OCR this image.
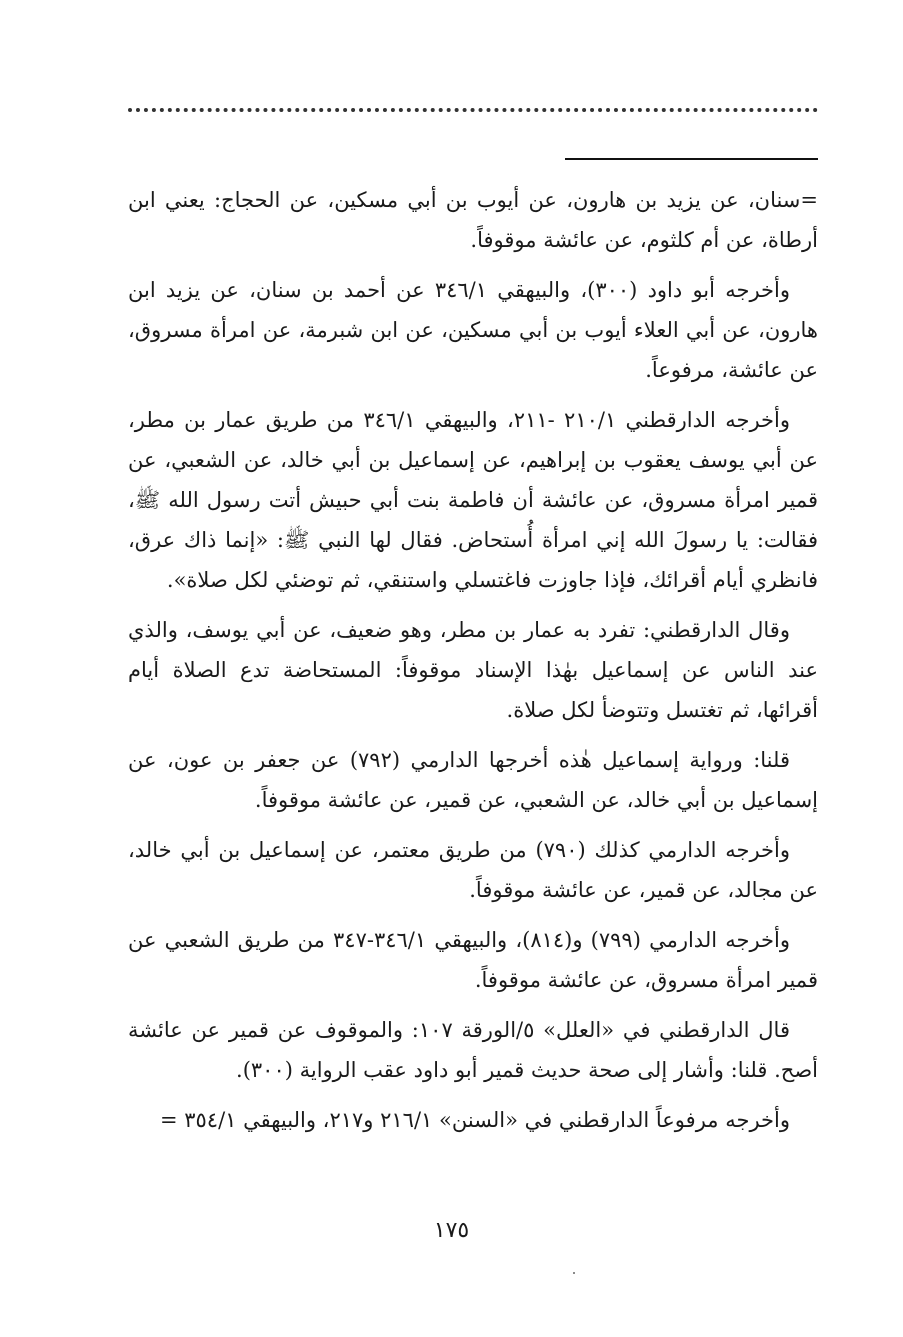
=سنان، عن يزيد بن هارون، عن أيوب بن أبي مسكين، عن الحجاج: يعني ابن أرطاة، عن أم كلثوم، عن عائشة موقوفاً.

وأخرجه أبو داود (٣٠٠)، والبيهقي ٣٤٦/١ عن أحمد بن سنان، عن يزيد ابن هارون، عن أبي العلاء أيوب بن أبي مسكين، عن ابن شبرمة، عن امرأة مسروق، عن عائشة، مرفوعاً.

وأخرجه الدارقطني ٢١٠/١ -٢١١، والبيهقي ٣٤٦/١ من طريق عمار بن مطر، عن أبي يوسف يعقوب بن إبراهيم، عن إسماعيل بن أبي خالد، عن الشعبي، عن قمير امرأة مسروق، عن عائشة أن فاطمة بنت أبي حبيش أتت رسول الله ﷺ، فقالت: يا رسولَ الله إني امرأة أُستحاض. فقال لها النبي ﷺ: «إنما ذاك عرق، فانظري أيام أقرائك، فإذا جاوزت فاغتسلي واستنقي، ثم توضئي لكل صلاة».

وقال الدارقطني: تفرد به عمار بن مطر، وهو ضعيف، عن أبي يوسف، والذي عند الناس عن إسماعيل بهٰذا الإسناد موقوفاً: المستحاضة تدع الصلاة أيام أقرائها، ثم تغتسل وتتوضأ لكل صلاة.

قلنا: ورواية إسماعيل هٰذه أخرجها الدارمي (٧٩٢) عن جعفر بن عون، عن إسماعيل بن أبي خالد، عن الشعبي، عن قمير، عن عائشة موقوفاً.

وأخرجه الدارمي كذلك (٧٩٠) من طريق معتمر، عن إسماعيل بن أبي خالد، عن مجالد، عن قمير، عن عائشة موقوفاً.

وأخرجه الدارمي (٧٩٩) و(٨١٤)، والبيهقي ٣٤٦/١-٣٤٧ من طريق الشعبي عن قمير امرأة مسروق، عن عائشة موقوفاً.

قال الدارقطني في «العلل» ٥/الورقة ١٠٧: والموقوف عن قمير عن عائشة أصح. قلنا: وأشار إلى صحة حديث قمير أبو داود عقب الرواية (٣٠٠).

وأخرجه مرفوعاً الدارقطني في «السنن» ٢١٦/١ و٢١٧، والبيهقي ٣٥٤/١ =

١٧٥
